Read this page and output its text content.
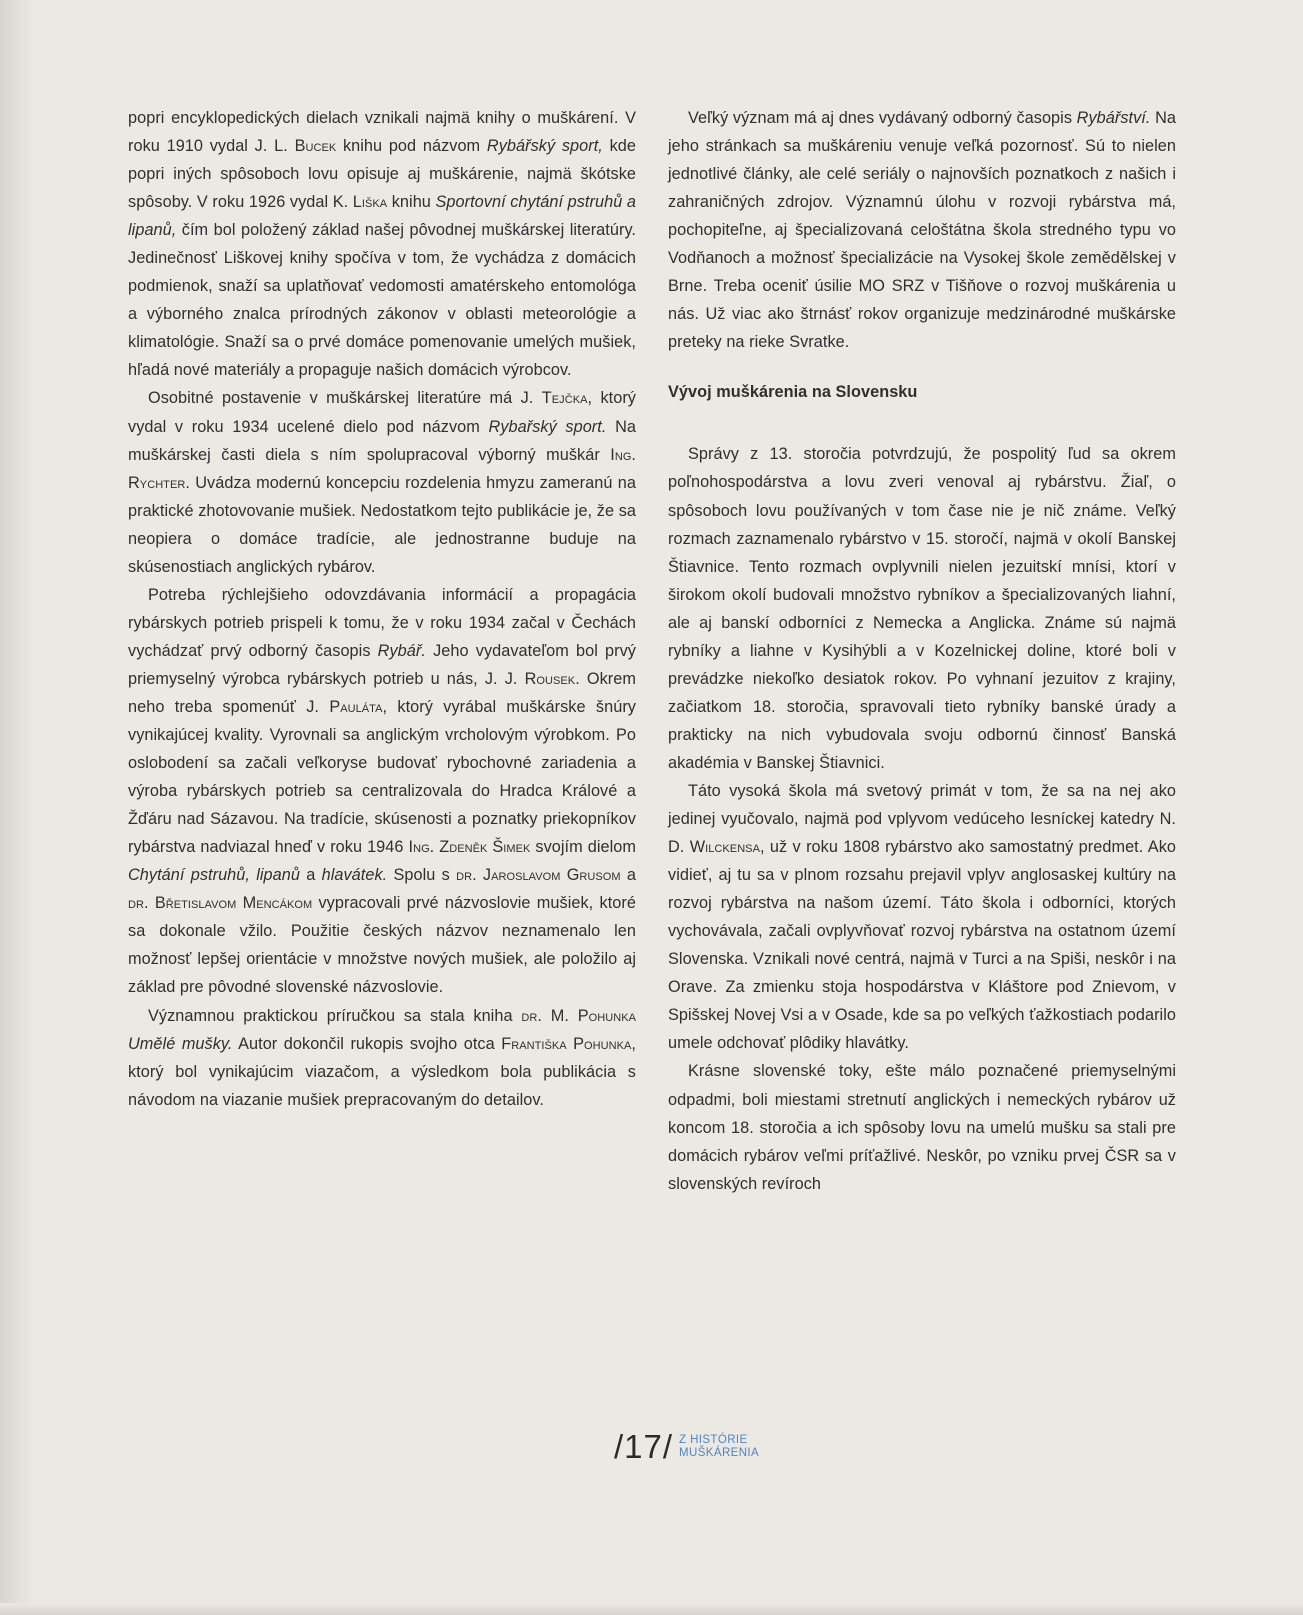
popri encyklopedických dielach vznikali najmä knihy o muškárení. V roku 1910 vydal J. L. Bucek knihu pod názvom Rybářský sport, kde popri iných spôsoboch lovu opisuje aj muškárenie, najmä škótske spôsoby. V roku 1926 vydal K. Liška knihu Sportovní chytání pstruhů a lipanů, čím bol položený základ našej pôvodnej muškárskej literatúry. Jedinečnosť Liškovej knihy spočíva v tom, že vychádza z domácich podmienok, snaží sa uplatňovať vedomosti amatérskeho entomológa a výborného znalca prírodných zákonov v oblasti meteorológie a klimatológie. Snaží sa o prvé domáce pomenovanie umelých mušiek, hľadá nové materiály a propaguje našich domácich výrobcov.

Osobitné postavenie v muškárskej literatúre má J. Tejčka, ktorý vydal v roku 1934 ucelené dielo pod názvom Rybařský sport. Na muškárskej časti diela s ním spolupracoval výborný muškár Ing. Rychter. Uvádza modernú koncepciu rozdelenia hmyzu zameranú na praktické zhotovovanie mušiek. Nedostatkom tejto publikácie je, že sa neopiera o domáce tradície, ale jednostranne buduje na skúsenostiach anglických rybárov.

Potreba rýchlejšieho odovzdávania informácií a propagácia rybárskych potrieb prispeli k tomu, že v roku 1934 začal v Čechách vychádzať prvý odborný časopis Rybář. Jeho vydavateľom bol prvý priemyselný výrobca rybárskych potrieb u nás, J. J. Rousek. Okrem neho treba spomenúť J. Pauláta, ktorý vyrábal muškárske šnúry vynikajúcej kvality. Vyrovnali sa anglickým vrcholovým výrobkom. Po oslobodení sa začali veľkoryse budovať rybochovné zariadenia a výroba rybárskych potrieb sa centralizovala do Hradca Králové a Žďáru nad Sázavou. Na tradície, skúsenosti a poznatky priekopníkov rybárstva nadviazal hneď v roku 1946 Ing. Zdeněk Šimek svojím dielom Chytání pstruhů, lipanů a hlavátek. Spolu s dr. Jaroslavom Grusom a dr. Břetislavom Mencákom vypracovali prvé názvoslovie mušiek, ktoré sa dokonale vžilo. Použitie českých názvov neznamenalo len možnosť lepšej orientácie v množstve nových mušiek, ale položilo aj základ pre pôvodné slovenské názvoslovie.

Významnou praktickou príručkou sa stala kniha dr. M. Pohunka Umělé mušky. Autor dokončil rukopis svojho otca Františka Pohunka, ktorý bol vynikajúcim viazačom, a výsledkom bola publikácia s návodom na viazanie mušiek prepracovaným do detailov.

Veľký význam má aj dnes vydávaný odborný časopis Rybářství. Na jeho stránkach sa muškáreniu venuje veľká pozornosť. Sú to nielen jednotlivé články, ale celé seriály o najnovších poznatkoch z našich i zahraničných zdrojov. Významnú úlohu v rozvoji rybárstva má, pochopiteľne, aj špecializovaná celoštátna škola stredného typu vo Vodňanoch a možnosť špecializácie na Vysokej škole zemědělskej v Brne. Treba oceniť úsilie MO SRZ v Tišňove o rozvoj muškárenia u nás. Už viac ako štrnásť rokov organizuje medzinárodné muškárske preteky na rieke Svratke.

Vývoj muškárenia na Slovensku

Správy z 13. storočia potvrdzujú, že pospolitý ľud sa okrem poľnohospodárstva a lovu zveri venoval aj rybárstvu. Žiaľ, o spôsoboch lovu používaných v tom čase nie je nič známe. Veľký rozmach zaznamenalo rybárstvo v 15. storočí, najmä v okolí Banskej Štiavnice. Tento rozmach ovplyvnili nielen jezuitskí mnísi, ktorí v širokom okolí budovali množstvo rybníkov a špecializovaných liahní, ale aj banskí odborníci z Nemecka a Anglicka. Známe sú najmä rybníky a liahne v Kysihýbli a v Kozelnickej doline, ktoré boli v prevádzke niekoľko desiatok rokov. Po vyhnaní jezuitov z krajiny, začiatkom 18. storočia, spravovali tieto rybníky banské úrady a prakticky na nich vybudovala svoju odbornú činnosť Banská akadémia v Banskej Štiavnici.

Táto vysoká škola má svetový primát v tom, že sa na nej ako jedinej vyučovalo, najmä pod vplyvom vedúceho lesníckej katedry N. D. Wilckensa, už v roku 1808 rybárstvo ako samostatný predmet. Ako vidieť, aj tu sa v plnom rozsahu prejavil vplyv anglosaskej kultúry na rozvoj rybárstva na našom území. Táto škola i odborníci, ktorých vychovávala, začali ovplyvňovať rozvoj rybárstva na ostatnom území Slovenska. Vznikali nové centrá, najmä v Turci a na Spiši, neskôr i na Orave. Za zmienku stoja hospodárstva v Kláštore pod Znievom, v Spišskej Novej Vsi a v Osade, kde sa po veľkých ťažkostiach podarilo umele odchovať plôdiky hlavátky.

Krásne slovenské toky, ešte málo poznačené priemyselnými odpadmi, boli miestami stretnutí anglických i nemeckých rybárov už koncom 18. storočia a ich spôsoby lovu na umelú mušku sa stali pre domácich rybárov veľmi príťažlivé. Neskôr, po vzniku prvej ČSR sa v slovenských revíroch

/17/ Z HISTÓRIE
MUŠKÁRENIA
